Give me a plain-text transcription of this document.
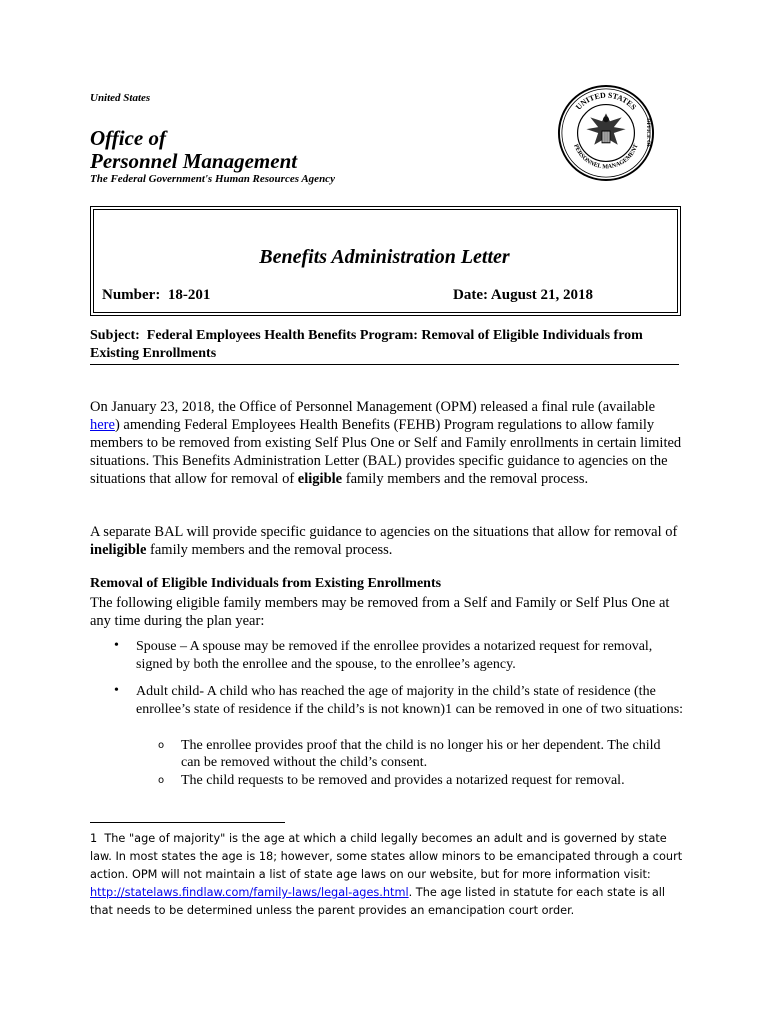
United States
Office of
Personnel Management
The Federal Government's Human Resources Agency
UNITED STATES
PERSONNEL MANAGEMENT OFFICE OF
Benefits Administration Letter
Number: 18-201	Date: August 21, 2018
Subject: Federal Employees Health Benefits Program: Removal of Eligible Individuals from Existing Enrollments
On January 23, 2018, the Office of Personnel Management (OPM) released a final rule (available here) amending Federal Employees Health Benefits (FEHB) Program regulations to allow family members to be removed from existing Self Plus One or Self and Family enrollments in certain limited situations. This Benefits Administration Letter (BAL) provides specific guidance to agencies on the situations that allow for removal of eligible family members and the removal process.
A separate BAL will provide specific guidance to agencies on the situations that allow for removal of ineligible family members and the removal process.
Removal of Eligible Individuals from Existing Enrollments
The following eligible family members may be removed from a Self and Family or Self Plus One at any time during the plan year:
• Spouse – A spouse may be removed if the enrollee provides a notarized request for removal, signed by both the enrollee and the spouse, to the enrollee’s agency.
• Adult child- A child who has reached the age of majority in the child’s state of residence (the enrollee’s state of residence if the child’s is not known)1 can be removed in one of two situations:
o The enrollee provides proof that the child is no longer his or her dependent. The child can be removed without the child’s consent.
o The child requests to be removed and provides a notarized request for removal.
1 The "age of majority" is the age at which a child legally becomes an adult and is governed by state law. In most states the age is 18; however, some states allow minors to be emancipated through a court action. OPM will not maintain a list of state age laws on our website, but for more information visit: http://statelaws.findlaw.com/family-laws/legal-ages.html. The age listed in statute for each state is all that needs to be determined unless the parent provides an emancipation court order.
